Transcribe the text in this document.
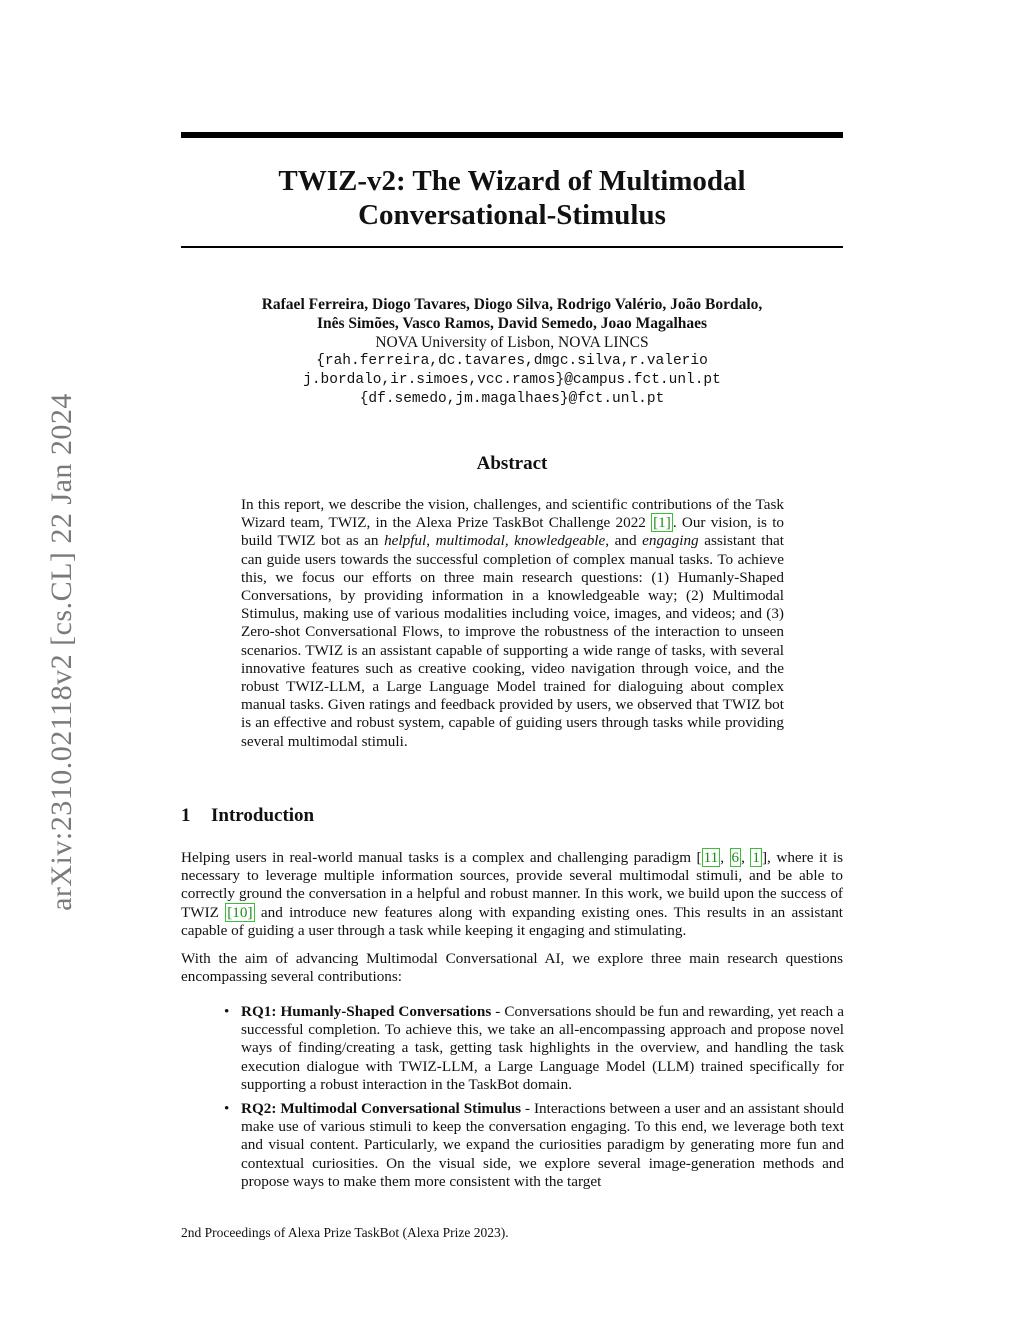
arXiv:2310.02118v2 [cs.CL] 22 Jan 2024
TWIZ-v2: The Wizard of Multimodal
Conversational-Stimulus
Rafael Ferreira, Diogo Tavares, Diogo Silva, Rodrigo Valério, João Bordalo,
Inês Simões, Vasco Ramos, David Semedo, Joao Magalhaes
NOVA University of Lisbon, NOVA LINCS
{rah.ferreira,dc.tavares,dmgc.silva,r.valerio
j.bordalo,ir.simoes,vcc.ramos}@campus.fct.unl.pt
{df.semedo,jm.magalhaes}@fct.unl.pt
Abstract

In this report, we describe the vision, challenges, and scientific contributions of the Task Wizard team, TWIZ, in the Alexa Prize TaskBot Challenge 2022 [1] . Our vision, is to build TWIZ bot as an helpful, multimodal, knowledgeable, and engaging assistant that can guide users towards the successful completion of complex manual tasks. To achieve this, we focus our efforts on three main research questions: (1) Humanly-Shaped Conversations, by providing information in a knowledgeable way; (2) Multimodal Stimulus, making use of various modalities including voice, images, and videos; and (3) Zero-shot Conversational Flows, to improve the robustness of the interaction to unseen scenarios. TWIZ is an assistant capable of supporting a wide range of tasks, with several innovative features such as creative cooking, video navigation through voice, and the robust TWIZ-LLM, a Large Language Model trained for dialoguing about complex manual tasks. Given ratings and feedback provided by users, we observed that TWIZ bot is an effective and robust system, capable of guiding users through tasks while providing several multimodal stimuli.

1 Introduction

Helping users in real-world manual tasks is a complex and challenging paradigm [ 11 , 6 , 1 ], where it is necessary to leverage multiple information sources, provide several multimodal stimuli, and be able to correctly ground the conversation in a helpful and robust manner. In this work, we build upon the success of TWIZ [10] and introduce new features along with expanding existing ones. This results in an assistant capable of guiding a user through a task while keeping it engaging and stimulating.

With the aim of advancing Multimodal Conversational AI, we explore three main research questions encompassing several contributions:

• RQ1: Humanly-Shaped Conversations - Conversations should be fun and rewarding, yet reach a successful completion. To achieve this, we take an all-encompassing approach and propose novel ways of finding/creating a task, getting task highlights in the overview, and handling the task execution dialogue with TWIZ-LLM, a Large Language Model (LLM) trained specifically for supporting a robust interaction in the TaskBot domain.
• RQ2: Multimodal Conversational Stimulus - Interactions between a user and an assistant should make use of various stimuli to keep the conversation engaging. To this end, we leverage both text and visual content. Particularly, we expand the curiosities paradigm by generating more fun and contextual curiosities. On the visual side, we explore several image-generation methods and propose ways to make them more consistent with the target

2nd Proceedings of Alexa Prize TaskBot (Alexa Prize 2023).
